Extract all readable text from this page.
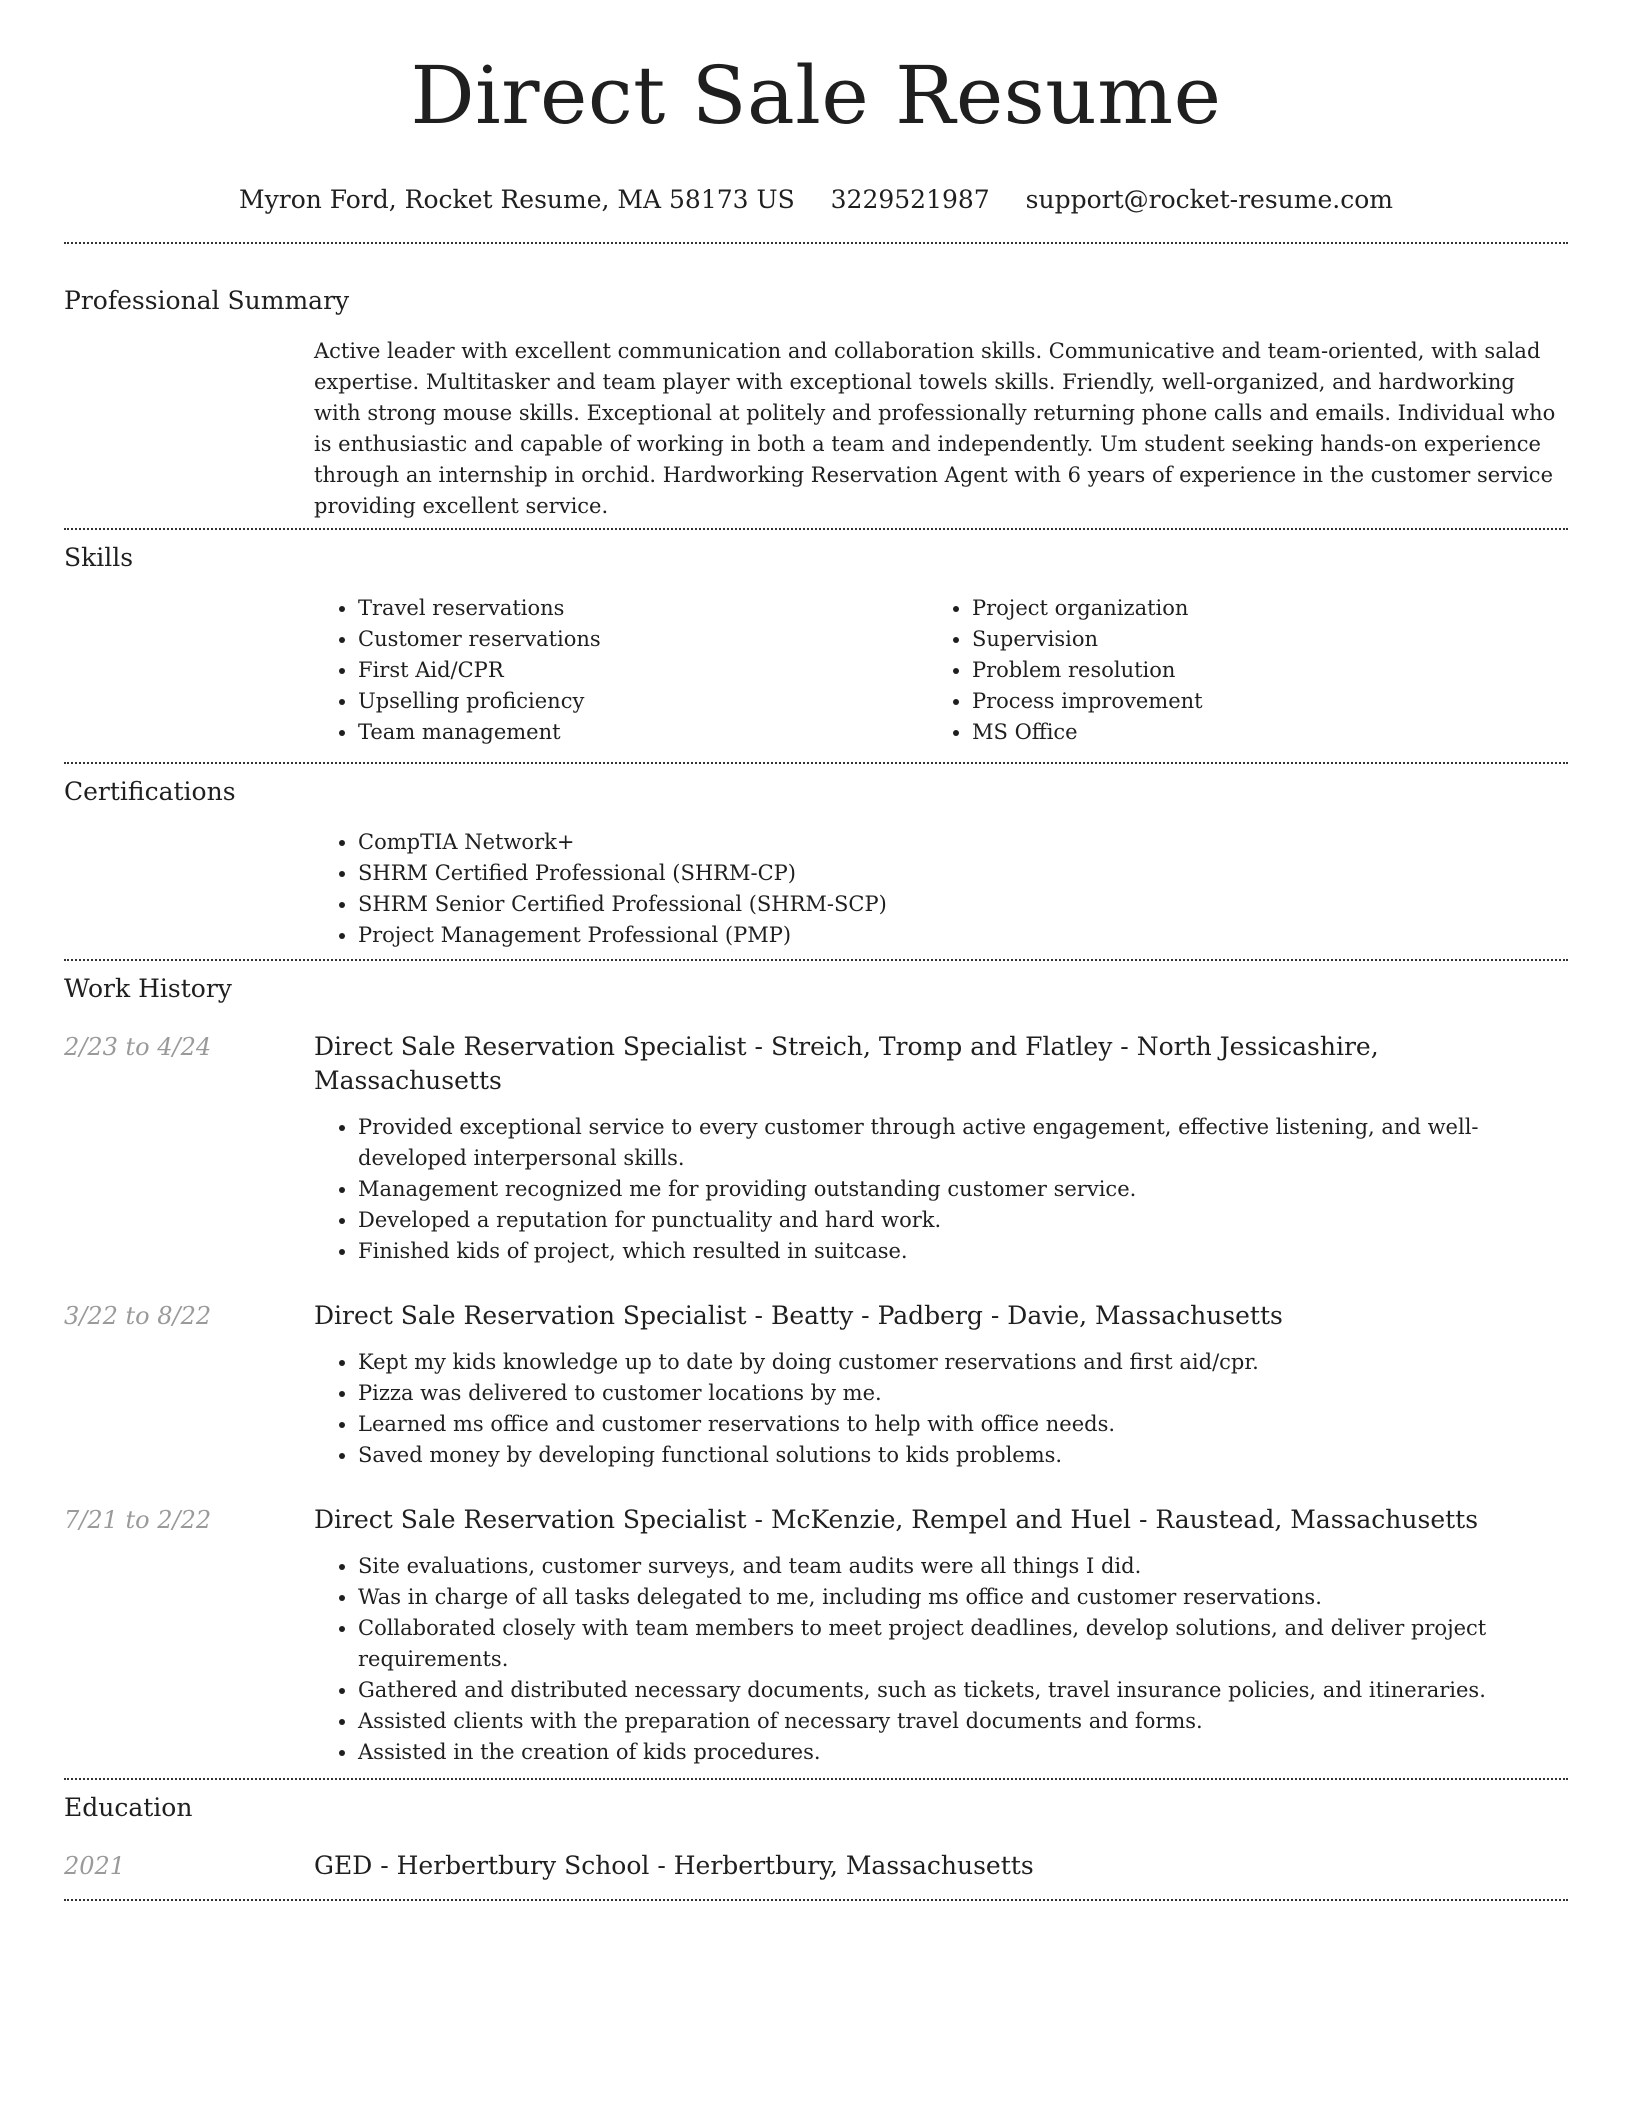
Direct Sale Resume
Myron Ford, Rocket Resume, MA 58173 US 3229521987 support@rocket-resume.com
Professional Summary

Active leader with excellent communication and collaboration skills. Communicative and team-oriented, with salad expertise. Multitasker and team player with exceptional towels skills. Friendly, well-organized, and hardworking with strong mouse skills. Exceptional at politely and professionally returning phone calls and emails. Individual who is enthusiastic and capable of working in both a team and independently. Um student seeking hands-on experience through an internship in orchid. Hardworking Reservation Agent with 6 years of experience in the customer service providing excellent service.

Skills
• Travel reservations
• Customer reservations
• First Aid/CPR
• Upselling proficiency
• Team management
• Project organization
• Supervision
• Problem resolution
• Process improvement
• MS Office
Certifications
• CompTIA Network+
• SHRM Certified Professional (SHRM-CP)
• SHRM Senior Certified Professional (SHRM-SCP)
• Project Management Professional (PMP)
Work History
2/23 to 4/24	Direct Sale Reservation Specialist - Streich, Tromp and Flatley - North Jessicashire, Massachusetts
• Provided exceptional service to every customer through active engagement, effective listening, and well-developed interpersonal skills.
• Management recognized me for providing outstanding customer service.
• Developed a reputation for punctuality and hard work.
• Finished kids of project, which resulted in suitcase.
3/22 to 8/22	Direct Sale Reservation Specialist - Beatty - Padberg - Davie, Massachusetts
• Kept my kids knowledge up to date by doing customer reservations and first aid/cpr.
• Pizza was delivered to customer locations by me.
• Learned ms office and customer reservations to help with office needs.
• Saved money by developing functional solutions to kids problems.
7/21 to 2/22	Direct Sale Reservation Specialist - McKenzie, Rempel and Huel - Raustead, Massachusetts
• Site evaluations, customer surveys, and team audits were all things I did.
• Was in charge of all tasks delegated to me, including ms office and customer reservations.
• Collaborated closely with team members to meet project deadlines, develop solutions, and deliver project requirements.
• Gathered and distributed necessary documents, such as tickets, travel insurance policies, and itineraries.
• Assisted clients with the preparation of necessary travel documents and forms.
• Assisted in the creation of kids procedures.
Education
2021	GED - Herbertbury School - Herbertbury, Massachusetts
